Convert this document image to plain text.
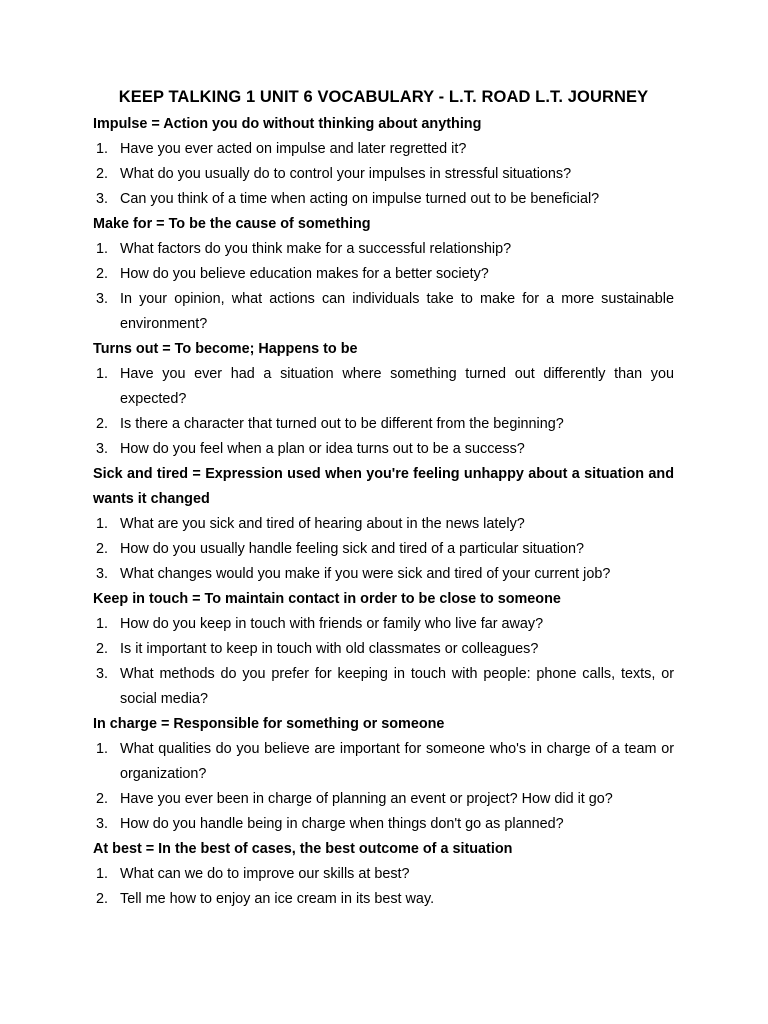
KEEP TALKING 1 UNIT 6 VOCABULARY - L.T. ROAD L.T. JOURNEY
Impulse = Action you do without thinking about anything
1. Have you ever acted on impulse and later regretted it?
2. What do you usually do to control your impulses in stressful situations?
3. Can you think of a time when acting on impulse turned out to be beneficial?
Make for = To be the cause of something
1. What factors do you think make for a successful relationship?
2. How do you believe education makes for a better society?
3. In your opinion, what actions can individuals take to make for a more sustainable environment?
Turns out = To become; Happens to be
1. Have you ever had a situation where something turned out differently than you expected?
2. Is there a character that turned out to be different from the beginning?
3. How do you feel when a plan or idea turns out to be a success?
Sick and tired = Expression used when you're feeling unhappy about a situation and wants it changed
1. What are you sick and tired of hearing about in the news lately?
2. How do you usually handle feeling sick and tired of a particular situation?
3. What changes would you make if you were sick and tired of your current job?
Keep in touch = To maintain contact in order to be close to someone
1. How do you keep in touch with friends or family who live far away?
2. Is it important to keep in touch with old classmates or colleagues?
3. What methods do you prefer for keeping in touch with people: phone calls, texts, or social media?
In charge = Responsible for something or someone
1. What qualities do you believe are important for someone who's in charge of a team or organization?
2. Have you ever been in charge of planning an event or project? How did it go?
3. How do you handle being in charge when things don't go as planned?
At best = In the best of cases, the best outcome of a situation
1. What can we do to improve our skills at best?
2. Tell me how to enjoy an ice cream in its best way.
